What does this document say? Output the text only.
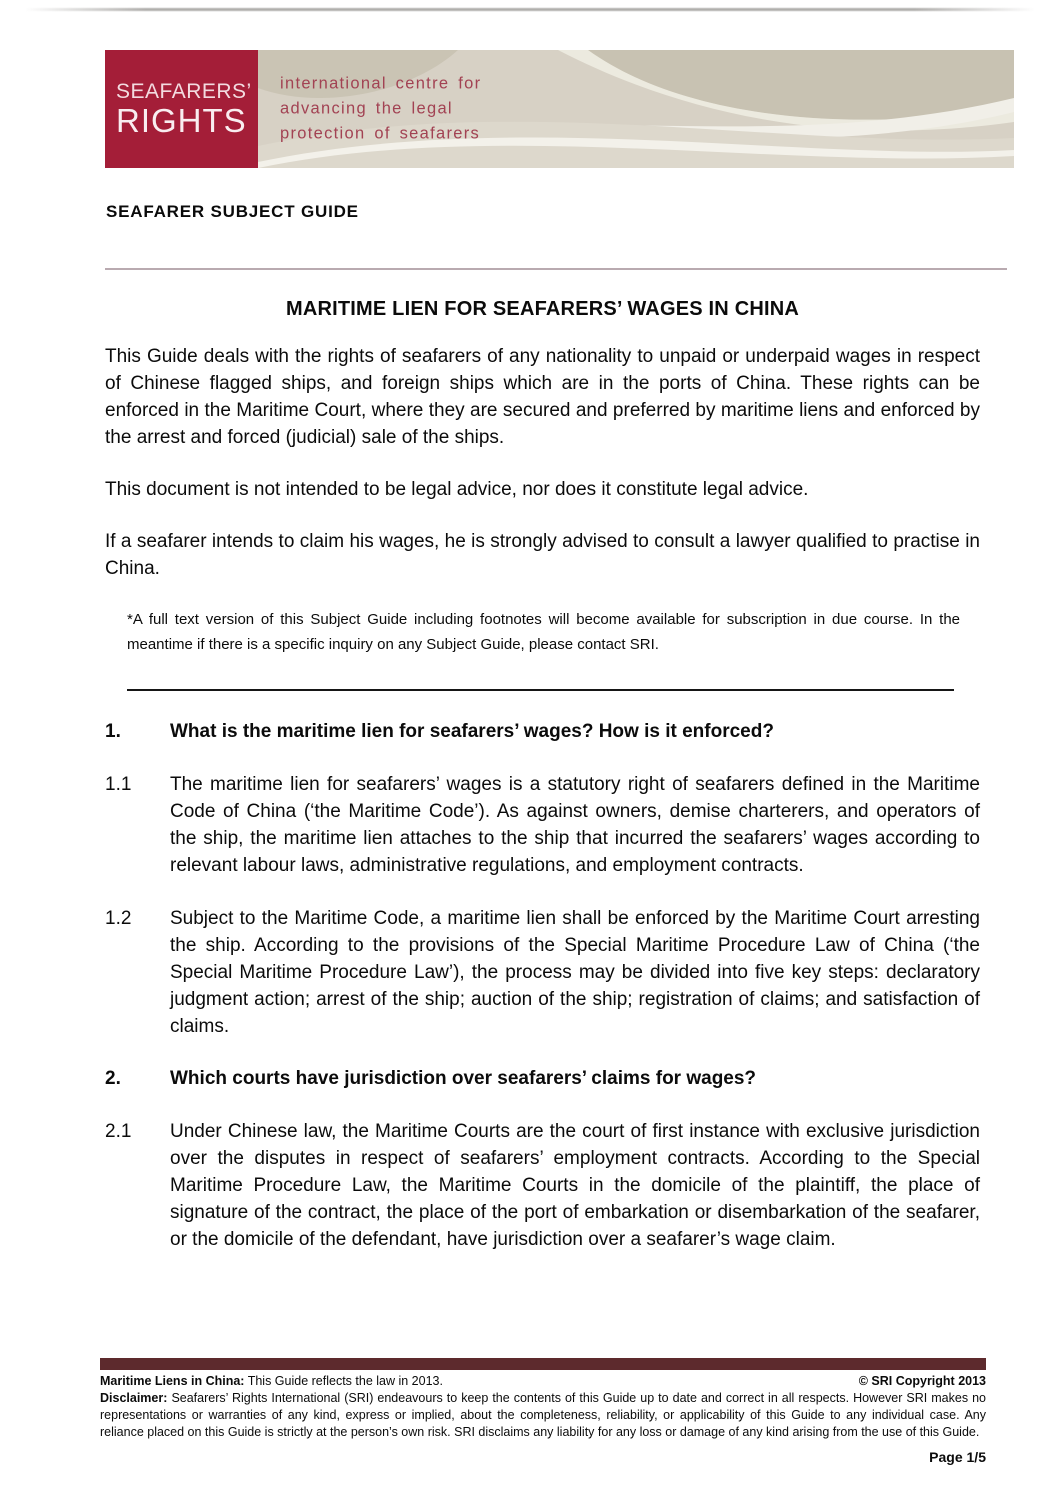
SEAFARERS’
RIGHTS
international centre for
advancing the legal
protection of seafarers
SEAFARER SUBJECT GUIDE
MARITIME LIEN FOR SEAFARERS’ WAGES IN CHINA

This Guide deals with the rights of seafarers of any nationality to unpaid or underpaid wages in respect of Chinese flagged ships, and foreign ships which are in the ports of China. These rights can be enforced in the Maritime Court, where they are secured and preferred by maritime liens and enforced by the arrest and forced (judicial) sale of the ships.

This document is not intended to be legal advice, nor does it constitute legal advice.

If a seafarer intends to claim his wages, he is strongly advised to consult a lawyer qualified to practise in China.

*A full text version of this Subject Guide including footnotes will become available for subscription in due course. In the meantime if there is a specific inquiry on any Subject Guide, please contact SRI.

1.	What is the maritime lien for seafarers’ wages? How is it enforced?
1.1	The maritime lien for seafarers’ wages is a statutory right of seafarers defined in the Maritime Code of China (‘the Maritime Code’). As against owners, demise charterers, and operators of the ship, the maritime lien attaches to the ship that incurred the seafarers’ wages according to relevant labour laws, administrative regulations, and employment contracts.
1.2	Subject to the Maritime Code, a maritime lien shall be enforced by the Maritime Court arresting the ship. According to the provisions of the Special Maritime Procedure Law of China (‘the Special Maritime Procedure Law’), the process may be divided into five key steps: declaratory judgment action; arrest of the ship; auction of the ship; registration of claims; and satisfaction of claims.
2.	Which courts have jurisdiction over seafarers’ claims for wages?
2.1	Under Chinese law, the Maritime Courts are the court of first instance with exclusive jurisdiction over the disputes in respect of seafarers’ employment contracts. According to the Special Maritime Procedure Law, the Maritime Courts in the domicile of the plaintiff, the place of signature of the contract, the place of the port of embarkation or disembarkation of the seafarer, or the domicile of the defendant, have jurisdiction over a seafarer’s wage claim.
Maritime Liens in China: This Guide reflects the law in 2013.	© SRI Copyright 2013

Disclaimer: Seafarers’ Rights International (SRI) endeavours to keep the contents of this Guide up to date and correct in all respects. However SRI makes no representations or warranties of any kind, express or implied, about the completeness, reliability, or applicability of this Guide to any individual case. Any reliance placed on this Guide is strictly at the person’s own risk. SRI disclaims any liability for any loss or damage of any kind arising from the use of this Guide.

Page 1/5
